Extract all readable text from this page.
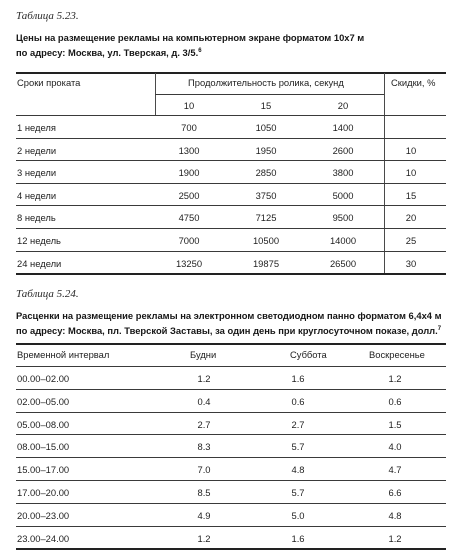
Таблица 5.23.
Цены на размещение рекламы на компьютерном экране форматом 10х7 м
по адресу: Москва, ул. Тверская, д. 3/5.$^6$
Сроки проката	Продолжительность ролика, секунд	Скидки, %
10	15	20
1 неделя	700	1050	1400
2 недели	1300	1950	2600	10
3 недели	1900	2850	3800	10
4 недели	2500	3750	5000	15
8 недель	4750	7125	9500	20
12 недель	7000	10500	14000	25
24 недели	13250	19875	26500	30
Таблица 5.24.
Расценки на размещение рекламы на электронном светодиодном панно форматом 6,4х4 м
по адресу: Москва, пл. Тверской Заставы, за один день при круглосуточном показе, долл.$^7$
Временной интервал	Будни	Суббота	Воскресенье
00.00–02.00	1.2	1.6	1.2
02.00–05.00	0.4	0.6	0.6
05.00–08.00	2.7	2.7	1.5
08.00–15.00	8.3	5.7	4.0
15.00–17.00	7.0	4.8	4.7
17.00–20.00	8.5	5.7	6.6
20.00–23.00	4.9	5.0	4.8
23.00–24.00	1.2	1.6	1.2
